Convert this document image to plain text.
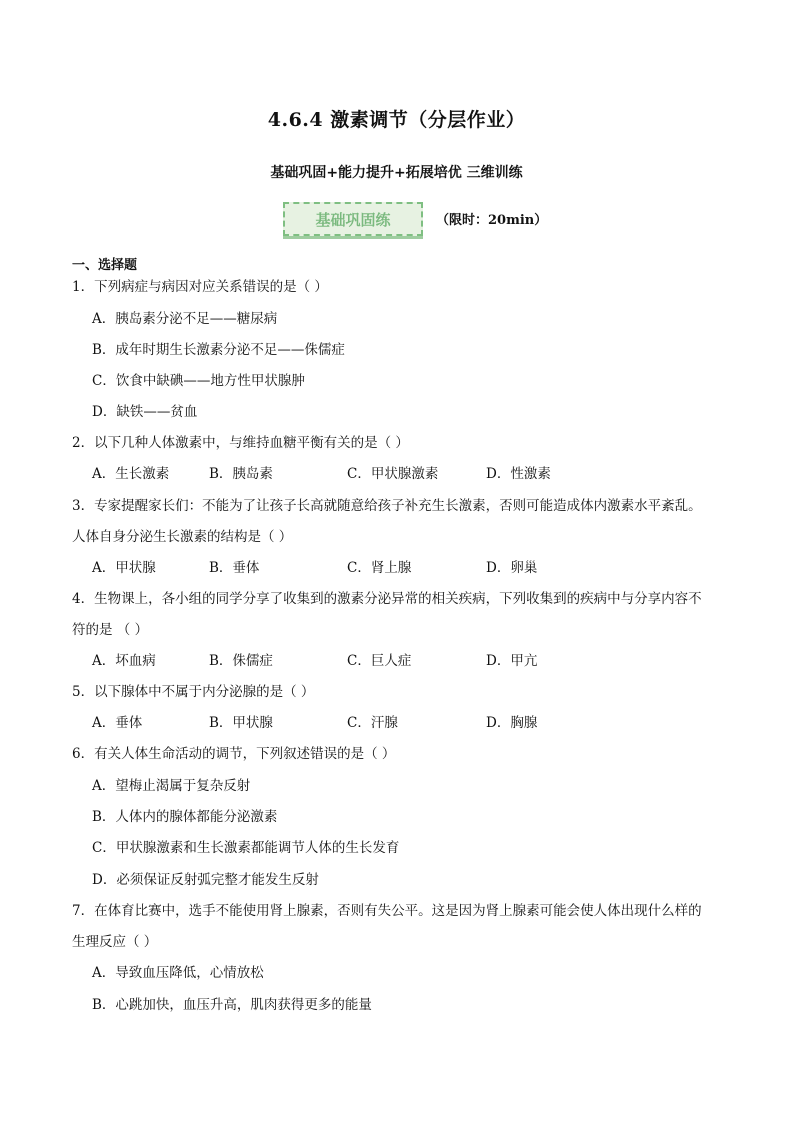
4.6.4 激素调节（分层作业）
基础巩固+能力提升+拓展培优 三维训练
基础巩固练	（限时：20min）
一、选择题
1．下列病症与病因对应关系错误的是（ ）
A．胰岛素分泌不足——糖尿病
B．成年时期生长激素分泌不足——侏儒症
C．饮食中缺碘——地方性甲状腺肿
D．缺铁——贫血
2．以下几种人体激素中，与维持血糖平衡有关的是（ ）
A．生长激素	B．胰岛素	C．甲状腺激素	D．性激素
3．专家提醒家长们：不能为了让孩子长高就随意给孩子补充生长激素，否则可能造成体内激素水平紊乱。
人体自身分泌生长激素的结构是（ ）
A．甲状腺	B．垂体	C．肾上腺	D．卵巢
4．生物课上，各小组的同学分享了收集到的激素分泌异常的相关疾病，下列收集到的疾病中与分享内容不
符的是 （ ）
A．坏血病	B．侏儒症	C．巨人症	D．甲亢
5．以下腺体中不属于内分泌腺的是（ ）
A．垂体	B．甲状腺	C．汗腺	D．胸腺
6．有关人体生命活动的调节，下列叙述错误的是（ ）
A．望梅止渴属于复杂反射
B．人体内的腺体都能分泌激素
C．甲状腺激素和生长激素都能调节人体的生长发育
D．必须保证反射弧完整才能发生反射
7．在体育比赛中，选手不能使用肾上腺素，否则有失公平。这是因为肾上腺素可能会使人体出现什么样的
生理反应（ ）
A．导致血压降低，心情放松
B．心跳加快，血压升高，肌肉获得更多的能量
